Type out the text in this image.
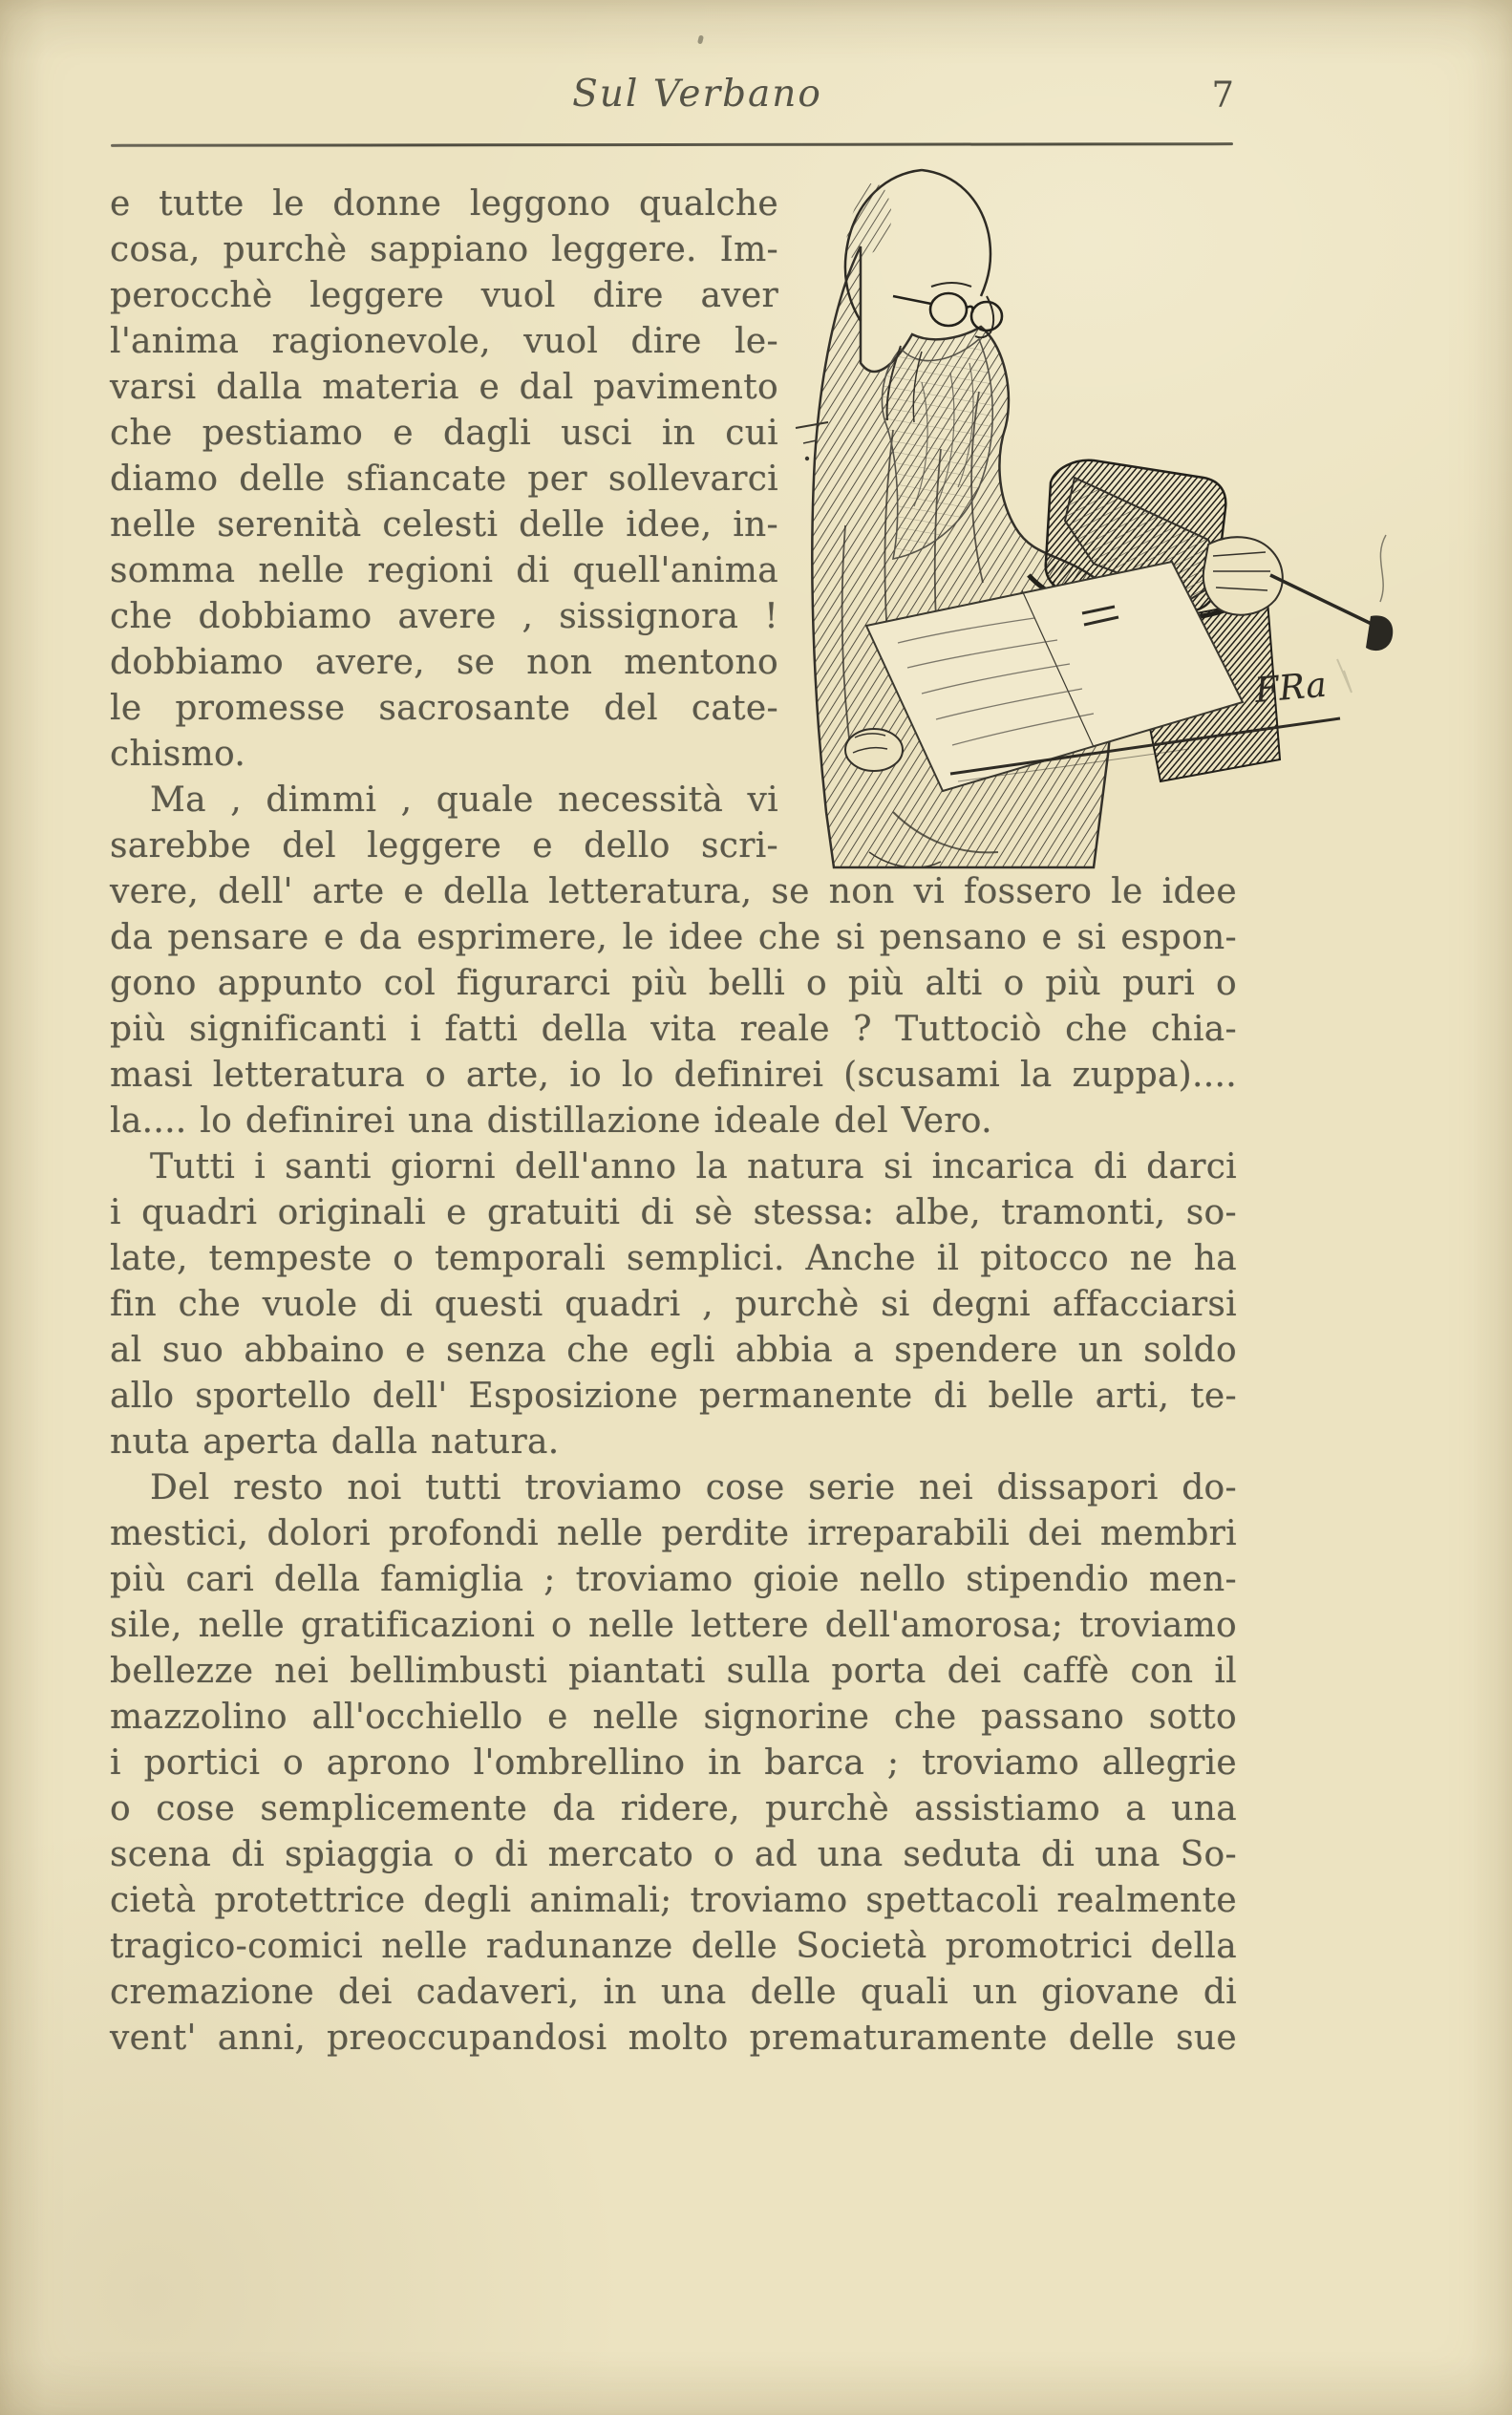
Sul Verbano	7
FRa
e tutte le donne leggono qualche
cosa, purchè sappiano leggere. Im-
perocchè leggere vuol dire aver
l'anima ragionevole, vuol dire le-
varsi dalla materia e dal pavimento
che pestiamo e dagli usci in cui
diamo delle sfiancate per sollevarci
nelle serenità celesti delle idee, in-
somma nelle regioni di quell'anima
che dobbiamo avere , sissignora !
dobbiamo avere, se non mentono
le promesse sacrosante del cate-
chismo.
Ma , dimmi , quale necessità vi
sarebbe del leggere e dello scri-
vere, dell' arte e della letteratura, se non vi fossero le idee
da pensare e da esprimere, le idee che si pensano e si espon-
gono appunto col figurarci più belli o più alti o più puri o
più significanti i fatti della vita reale ? Tuttociò che chia-
masi letteratura o arte, io lo definirei (scusami la zuppa)....
la.... lo definirei una distillazione ideale del Vero.
Tutti i santi giorni dell'anno la natura si incarica di darci
i quadri originali e gratuiti di sè stessa: albe, tramonti, so-
late, tempeste o temporali semplici. Anche il pitocco ne ha
fin che vuole di questi quadri , purchè si degni affacciarsi
al suo abbaino e senza che egli abbia a spendere un soldo
allo sportello dell' Esposizione permanente di belle arti, te-
nuta aperta dalla natura.
Del resto noi tutti troviamo cose serie nei dissapori do-
mestici, dolori profondi nelle perdite irreparabili dei membri
più cari della famiglia ; troviamo gioie nello stipendio men-
sile, nelle gratificazioni o nelle lettere dell'amorosa; troviamo
bellezze nei bellimbusti piantati sulla porta dei caffè con il
mazzolino all'occhiello e nelle signorine che passano sotto
i portici o aprono l'ombrellino in barca ; troviamo allegrie
o cose semplicemente da ridere, purchè assistiamo a una
scena di spiaggia o di mercato o ad una seduta di una So-
cietà protettrice degli animali; troviamo spettacoli realmente
tragico-comici nelle radunanze delle Società promotrici della
cremazione dei cadaveri, in una delle quali un giovane di
vent' anni, preoccupandosi molto prematuramente delle sue
